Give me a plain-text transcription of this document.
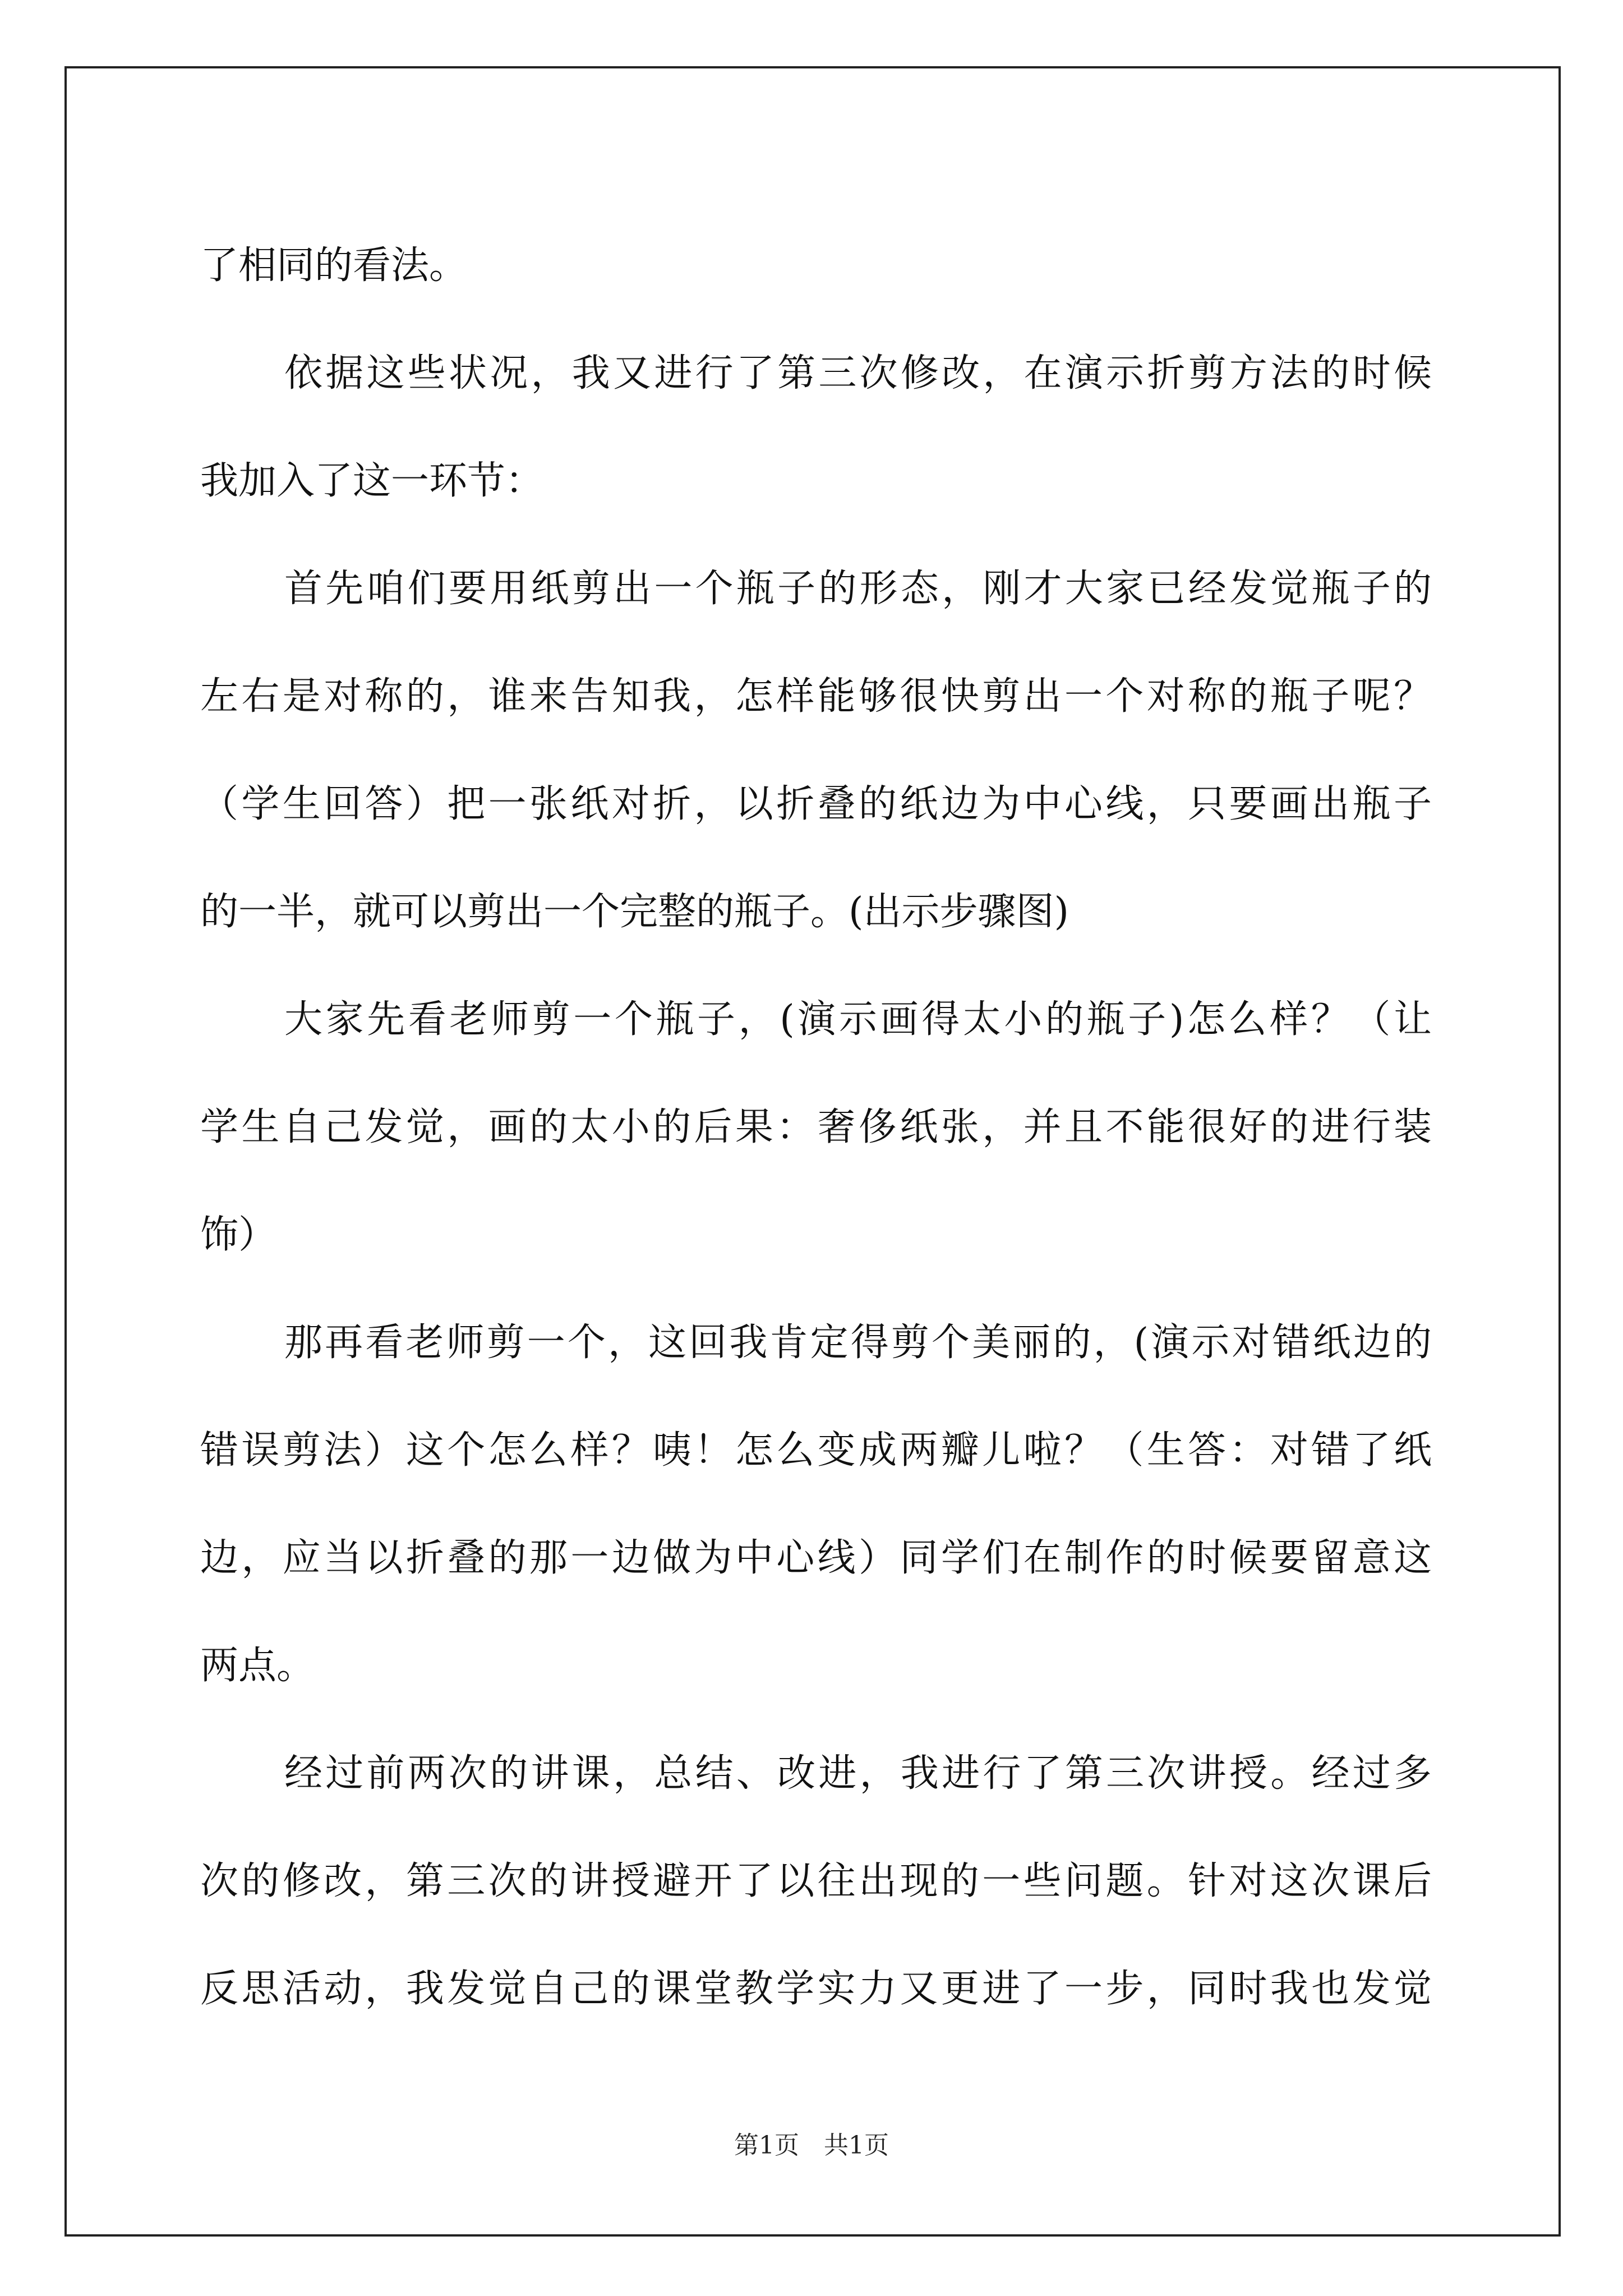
了相同的看法。
依据这些状况，我又进行了第三次修改，在演示折剪方法的时候
我加入了这一环节：
首先咱们要用纸剪出一个瓶子的形态，刚才大家已经发觉瓶子的
左右是对称的，谁来告知我，怎样能够很快剪出一个对称的瓶子呢？
（学生回答）把一张纸对折，以折叠的纸边为中心线，只要画出瓶子
的一半，就可以剪出一个完整的瓶子。(出示步骤图)
大家先看老师剪一个瓶子，(演示画得太小的瓶子)怎么样？（让
学生自己发觉，画的太小的后果：奢侈纸张，并且不能很好的进行装
饰）
那再看老师剪一个，这回我肯定得剪个美丽的，(演示对错纸边的
错误剪法）这个怎么样？咦！怎么变成两瓣儿啦？（生答：对错了纸
边，应当以折叠的那一边做为中心线）同学们在制作的时候要留意这
两点。
经过前两次的讲课，总结、改进，我进行了第三次讲授。经过多
次的修改，第三次的讲授避开了以往出现的一些问题。针对这次课后
反思活动，我发觉自己的课堂教学实力又更进了一步，同时我也发觉
第1页　共1页
